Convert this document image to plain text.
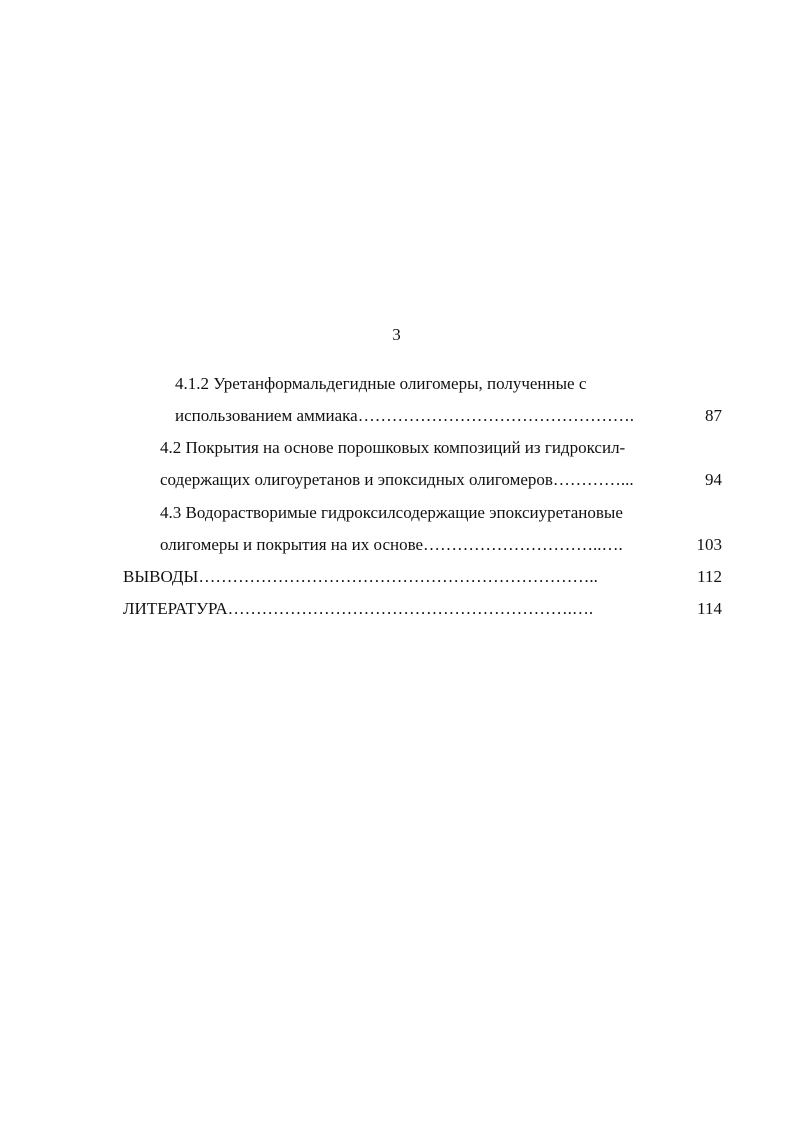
3
4.1.2 Уретанформальдегидные олигомеры, полученные с
использованием аммиака………………………………………….	87
4.2 Покрытия на основе порошковых композиций из гидроксил-
содержащих олигоуретанов и эпоксидных олигомеров…………...	94
4.3 Водорастворимые гидроксилсодержащие эпоксиуретановые
олигомеры и покрытия на их основе…………………………..….	103
ВЫВОДЫ……………………………………………………………..	112
ЛИТЕРАТУРА…………………………………………………….….	114
